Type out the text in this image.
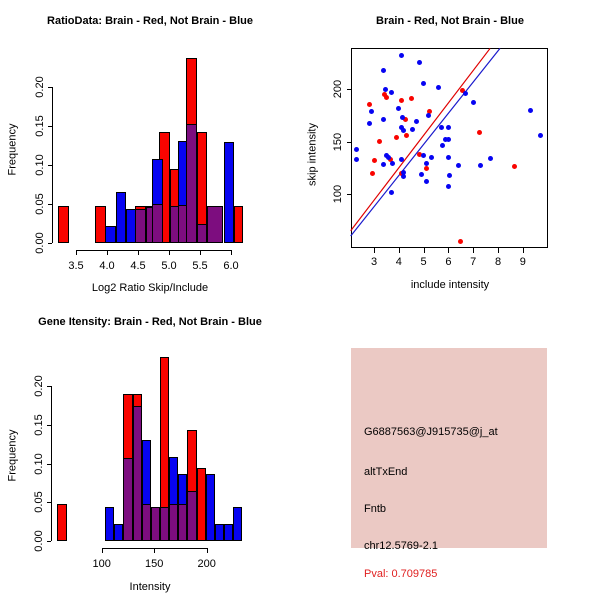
RatioData: Brain - Red, Not Brain - Blue
Frequency
Log2 Ratio Skip/Include
0.00
0.05
0.10
0.15
0.20
3.5	4.0	4.5	5.0	5.5	6.0
Brain - Red, Not Brain - Blue
skip intensity
include intensity
3	4	5	6	7	8	9
100
150
200
Gene Itensity: Brain - Red, Not Brain - Blue
Frequency
Intensity
0.00
0.05
0.10
0.15
0.20
100	150	200
G6887563@J915735@j_at
altTxEnd
Fntb
chr12.5769-2.1
Pval: 0.709785
